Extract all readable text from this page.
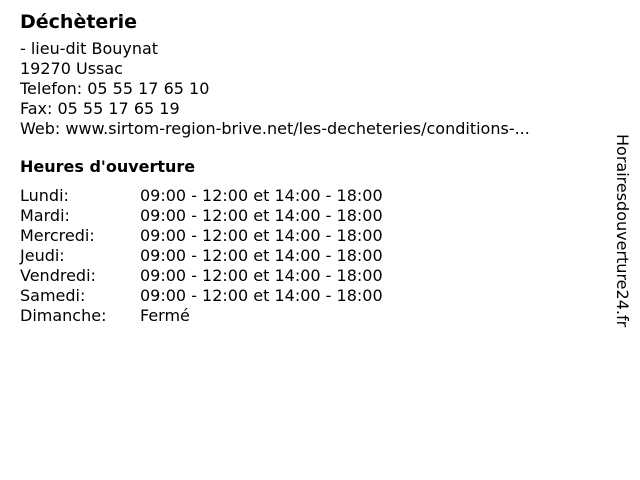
Déchèterie
- lieu-dit Bouynat
19270 Ussac
Telefon: 05 55 17 65 10
Fax: 05 55 17 65 19
Web: www.sirtom-region-brive.net/les-decheteries/conditions-...
Heures d'ouverture
Lundi:	09:00 - 12:00 et 14:00 - 18:00
Mardi:	09:00 - 12:00 et 14:00 - 18:00
Mercredi:	09:00 - 12:00 et 14:00 - 18:00
Jeudi:	09:00 - 12:00 et 14:00 - 18:00
Vendredi:	09:00 - 12:00 et 14:00 - 18:00
Samedi:	09:00 - 12:00 et 14:00 - 18:00
Dimanche:	Fermé	Horairesdouverture24.fr
